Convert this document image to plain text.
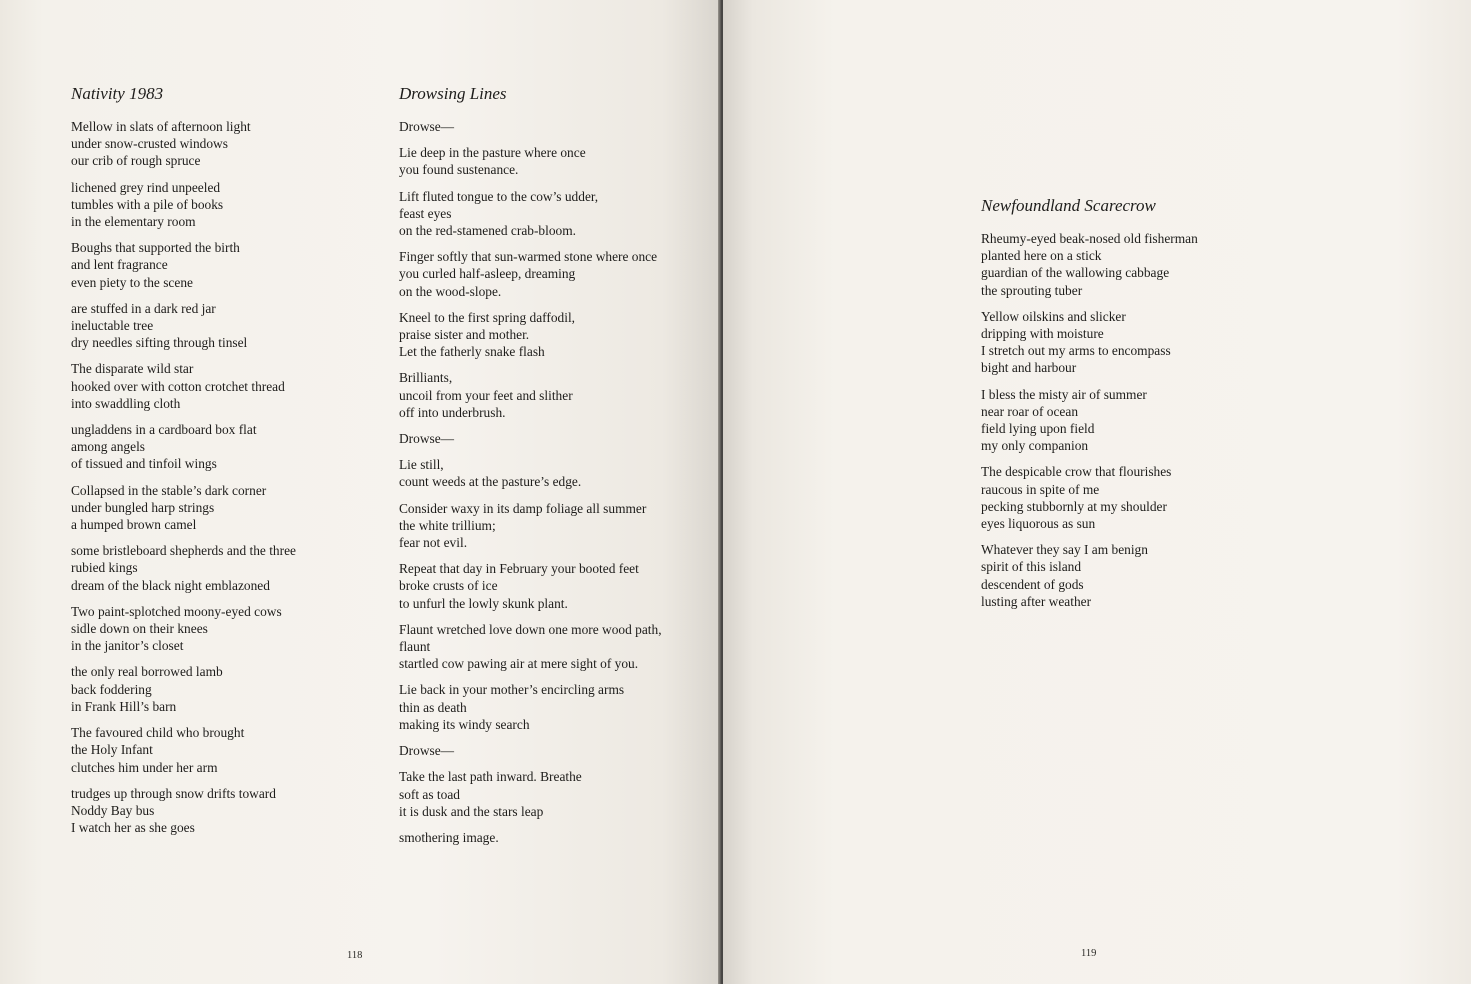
Nativity 1983

Mellow in slats of afternoon light
under snow-crusted windows
our crib of rough spruce

lichened grey rind unpeeled
tumbles with a pile of books
in the elementary room

Boughs that supported the birth
and lent fragrance
even piety to the scene

are stuffed in a dark red jar
ineluctable tree
dry needles sifting through tinsel

The disparate wild star
hooked over with cotton crotchet thread
into swaddling cloth

ungladdens in a cardboard box flat
among angels
of tissued and tinfoil wings

Collapsed in the stable’s dark corner
under bungled harp strings
a humped brown camel

some bristleboard shepherds and the three
rubied kings
dream of the black night emblazoned

Two paint-splotched moony-eyed cows
sidle down on their knees
in the janitor’s closet

the only real borrowed lamb
back foddering
in Frank Hill’s barn

The favoured child who brought
the Holy Infant
clutches him under her arm

trudges up through snow drifts toward
Noddy Bay bus
I watch her as she goes

Drowsing Lines

Drowse—

Lie deep in the pasture where once
you found sustenance.

Lift fluted tongue to the cow’s udder,
feast eyes
on the red-stamened crab-bloom.

Finger softly that sun-warmed stone where once
you curled half-asleep, dreaming
on the wood-slope.

Kneel to the first spring daffodil,
praise sister and mother.
Let the fatherly snake flash

Brilliants,
uncoil from your feet and slither
off into underbrush.

Drowse—

Lie still,
count weeds at the pasture’s edge.

Consider waxy in its damp foliage all summer
the white trillium;
fear not evil.

Repeat that day in February your booted feet
broke crusts of ice
to unfurl the lowly skunk plant.

Flaunt wretched love down one more wood path,
flaunt
startled cow pawing air at mere sight of you.

Lie back in your mother’s encircling arms
thin as death
making its windy search

Drowse—

Take the last path inward. Breathe
soft as toad
it is dusk and the stars leap

smothering image.

118
Newfoundland Scarecrow

Rheumy-eyed beak-nosed old fisherman
planted here on a stick
guardian of the wallowing cabbage
the sprouting tuber

Yellow oilskins and slicker
dripping with moisture
I stretch out my arms to encompass
bight and harbour

I bless the misty air of summer
near roar of ocean
field lying upon field
my only companion

The despicable crow that flourishes
raucous in spite of me
pecking stubbornly at my shoulder
eyes liquorous as sun

Whatever they say I am benign
spirit of this island
descendent of gods
lusting after weather

119
